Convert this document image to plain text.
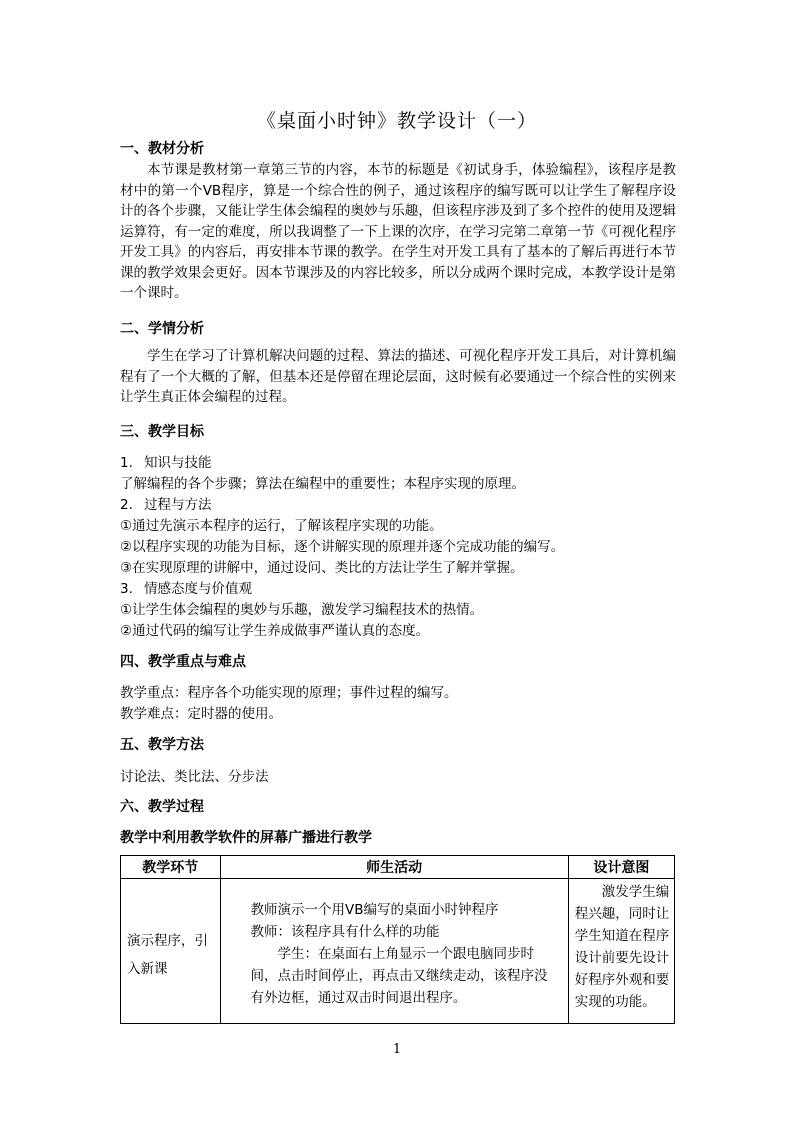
《桌面小时钟》教学设计（一）
一、教材分析

本节课是教材第一章第三节的内容，本节的标题是《初试身手，体验编程》，该程序是教材中的第一个VB程序，算是一个综合性的例子，通过该程序的编写既可以让学生了解程序设计的各个步骤，又能让学生体会编程的奥妙与乐趣，但该程序涉及到了多个控件的使用及逻辑运算符，有一定的难度，所以我调整了一下上课的次序，在学习完第二章第一节《可视化程序开发工具》的内容后，再安排本节课的教学。在学生对开发工具有了基本的了解后再进行本节课的教学效果会更好。因本节课涉及的内容比较多，所以分成两个课时完成，本教学设计是第一个课时。

二、学情分析

学生在学习了计算机解决问题的过程、算法的描述、可视化程序开发工具后，对计算机编程有了一个大概的了解，但基本还是停留在理论层面，这时候有必要通过一个综合性的实例来让学生真正体会编程的过程。

三、教学目标
1. 知识与技能
了解编程的各个步骤；算法在编程中的重要性；本程序实现的原理。
2. 过程与方法
①通过先演示本程序的运行，了解该程序实现的功能。
②以程序实现的功能为目标，逐个讲解实现的原理并逐个完成功能的编写。
③在实现原理的讲解中，通过设问、类比的方法让学生了解并掌握。
3. 情感态度与价值观
①让学生体会编程的奥妙与乐趣，激发学习编程技术的热情。
②通过代码的编写让学生养成做事严谨认真的态度。
四、教学重点与难点
教学重点：程序各个功能实现的原理；事件过程的编写。
教学难点：定时器的使用。
五、教学方法
讨论法、类比法、分步法
六、教学过程
教学中利用教学软件的屏幕广播进行教学
教学环节	师生活动	设计意图
演示程序，引入新课	教师演示一个用VB编写的桌面小时钟程序

教师：该程序具有什么样的功能

学生：在桌面右上角显示一个跟电脑同步时间，点击时间停止，再点击又继续走动，该程序没有外边框，通过双击时间退出程序。	激发学生编程兴趣，同时让学生知道在程序设计前要先设计好程序外观和要实现的功能。
1
